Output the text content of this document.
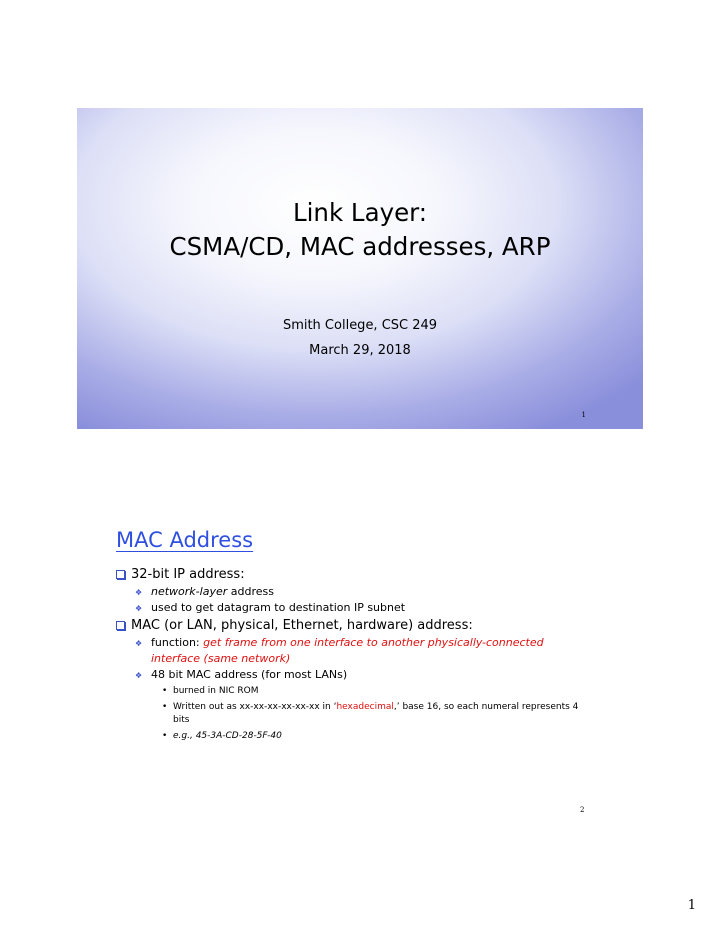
Link Layer:
CSMA/CD, MAC addresses, ARP
Smith College, CSC 249
March 29, 2018
1
MAC Address
32-bit IP address:
❖ network-layer address
❖ used to get datagram to destination IP subnet
MAC (or LAN, physical, Ethernet, hardware) address:
❖ function: get frame from one interface to another physically-connected interface (same network)
❖ 48 bit MAC address (for most LANs)
• burned in NIC ROM
• Written out as xx-xx-xx-xx-xx-xx in ‘hexadecimal,’ base 16, so each numeral represents 4 bits
• e.g., 45-3A-CD-28-5F-40
2
1
